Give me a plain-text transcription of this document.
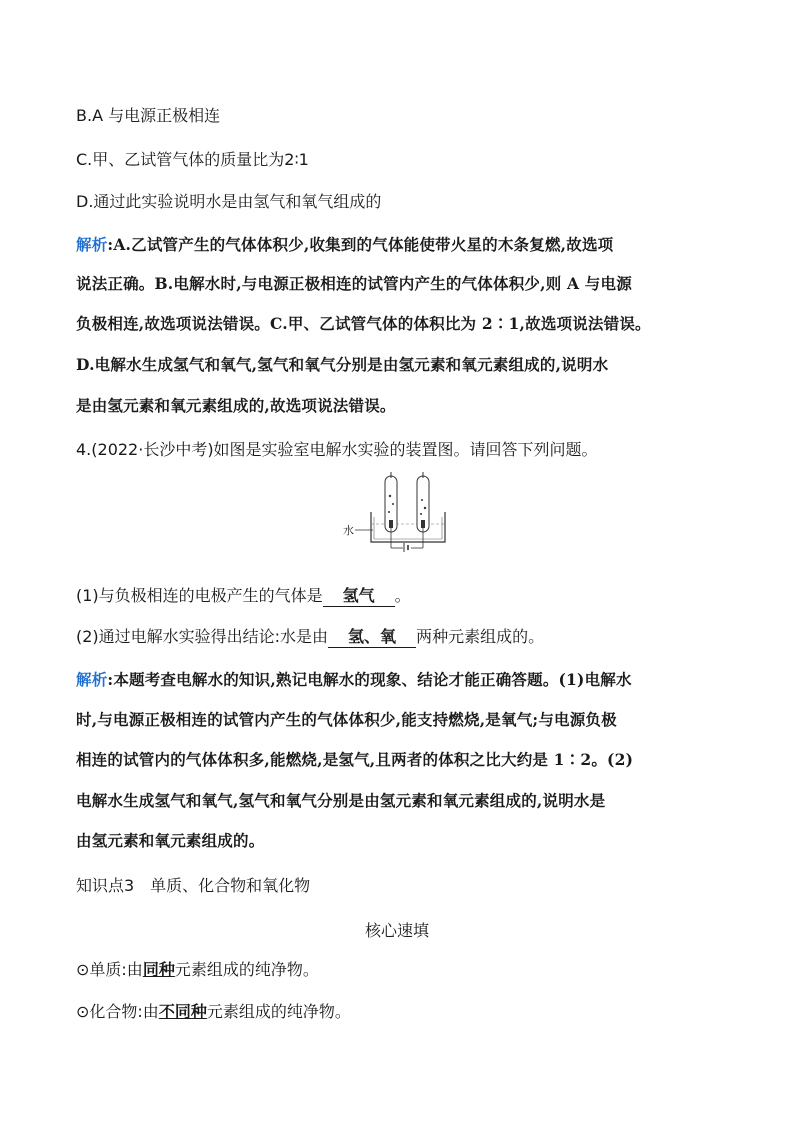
B.A 与电源正极相连
C.甲、乙试管气体的质量比为2∶1
D.通过此实验说明水是由氢气和氧气组成的
解析:A.乙试管产生的气体体积少,收集到的气体能使带火星的木条复燃,故选项
说法正确。B.电解水时,与电源正极相连的试管内产生的气体体积少,则 A 与电源
负极相连,故选项说法错误。C.甲、乙试管气体的体积比为 2∶1,故选项说法错误。
D.电解水生成氢气和氧气,氢气和氧气分别是由氢元素和氧元素组成的,说明水
是由氢元素和氧元素组成的,故选项说法错误。
4.(2022·长沙中考)如图是实验室电解水实验的装置图。请回答下列问题。
水
(1)与负极相连的电极产生的气体是 氢气 。
(2)通过电解水实验得出结论:水是由 氢、氧 两种元素组成的。
解析:本题考查电解水的知识,熟记电解水的现象、结论才能正确答题。(1)电解水
时,与电源正极相连的试管内产生的气体体积少,能支持燃烧,是氧气;与电源负极
相连的试管内的气体体积多,能燃烧,是氢气,且两者的体积之比大约是 1∶2。(2)
电解水生成氢气和氧气,氢气和氧气分别是由氢元素和氧元素组成的,说明水是
由氢元素和氧元素组成的。
知识点3　单质、化合物和氧化物
核心速填
⊙单质:由同种元素组成的纯净物。
⊙化合物:由不同种元素组成的纯净物。
